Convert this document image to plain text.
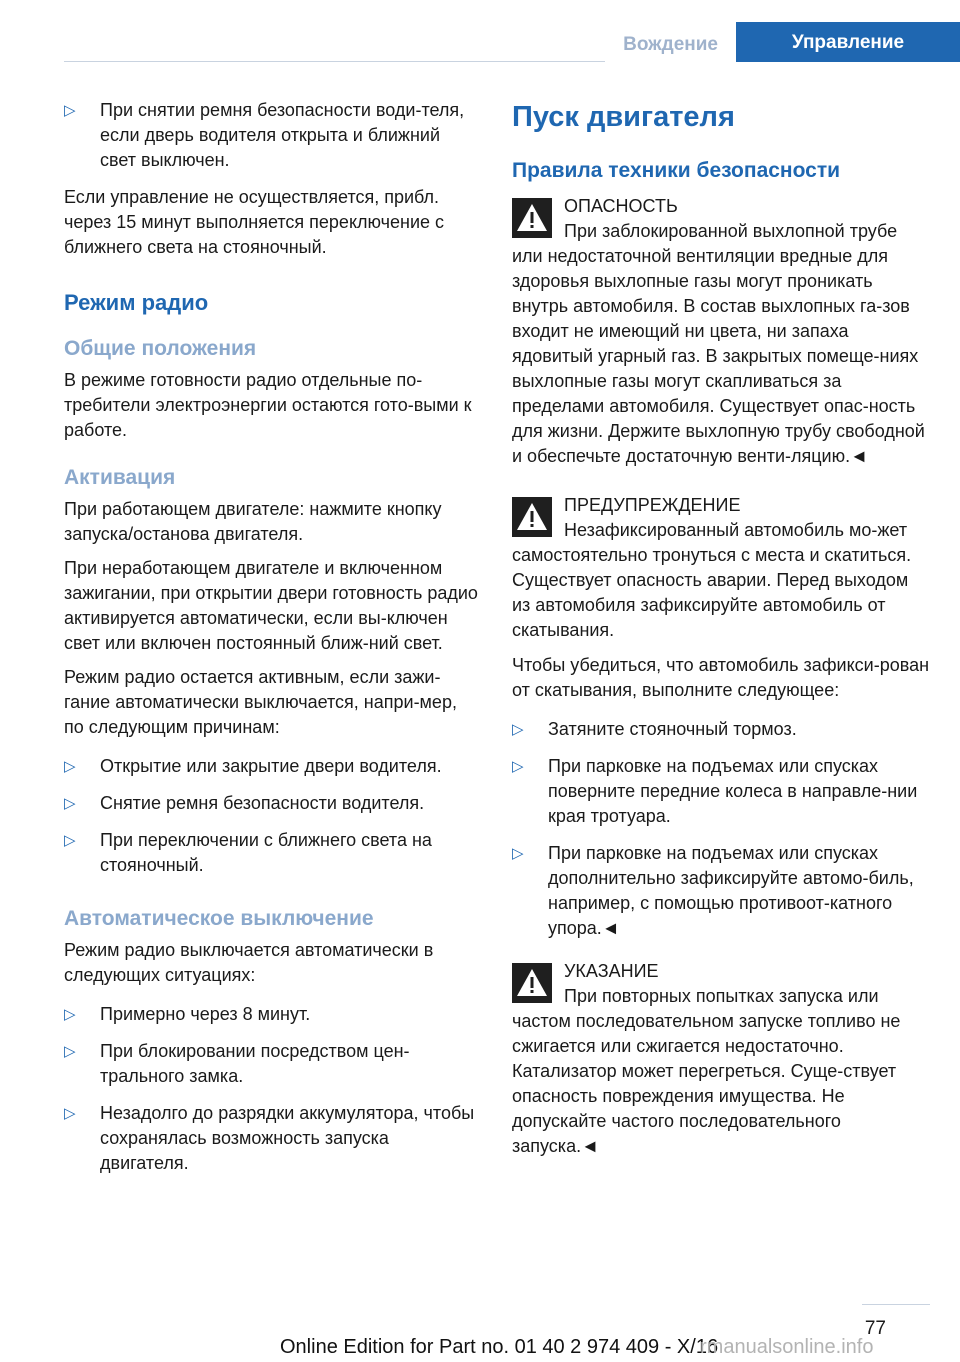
Вождение	Управление
▷ При снятии ремня безопасности води-теля, если дверь водителя открыта и ближний свет выключен.

Если управление не осуществляется, прибл. через 15 минут выполняется переключение с ближнего света на стояночный.

Режим радио
Общие положения

В режиме готовности радио отдельные по-требители электроэнергии остаются гото-выми к работе.

Активация

При работающем двигателе: нажмите кнопку запуска/останова двигателя.

При неработающем двигателе и включенном зажигании, при открытии двери готовность радио активируется автоматически, если вы-ключен свет или включен постоянный ближ-ний свет.

Режим радио остается активным, если зажи-гание автоматически выключается, напри-мер, по следующим причинам:

▷ Открытие или закрытие двери водителя.
▷ Снятие ремня безопасности водителя.
▷ При переключении с ближнего света на стояночный.
Автоматическое выключение

Режим радио выключается автоматически в следующих ситуациях:

▷ Примерно через 8 минут.
▷ При блокировании посредством цен-трального замка.
▷ Незадолго до разрядки аккумулятора, чтобы сохранялась возможность запуска двигателя.
Пуск двигателя
Правила техники безопасности
ОПАСНОСТЬ
При заблокированной выхлопной трубе или недостаточной вентиляции вредные для здоровья выхлопные газы могут проникать внутрь автомобиля. В состав выхлопных га-зов входит не имеющий ни цвета, ни запаха ядовитый угарный газ. В закрытых помеще-ниях выхлопные газы могут скапливаться за пределами автомобиля. Существует опас-ность для жизни. Держите выхлопную трубу свободной и обеспечьте достаточную венти-ляцию.◄
ПРЕДУПРЕЖДЕНИЕ
Незафиксированный автомобиль мо-жет самостоятельно тронуться с места и скатиться. Существует опасность аварии. Перед выходом из автомобиля зафиксируйте автомобиль от скатывания.

Чтобы убедиться, что автомобиль зафикси-рован от скатывания, выполните следующее:

▷ Затяните стояночный тормоз.
▷ При парковке на подъемах или спусках поверните передние колеса в направле-нии края тротуара.
▷ При парковке на подъемах или спусках дополнительно зафиксируйте автомо-биль, например, с помощью противоот-катного упора.◄
УКАЗАНИЕ
При повторных попытках запуска или частом последовательном запуске топливо не сжигается или сжигается недостаточно. Катализатор может перегреться. Суще-ствует опасность повреждения имущества. Не допускайте частого последовательного запуска.◄
77
Online Edition for Part no. 01 40 2 974 409 - X/16
rmanualsonline.info
